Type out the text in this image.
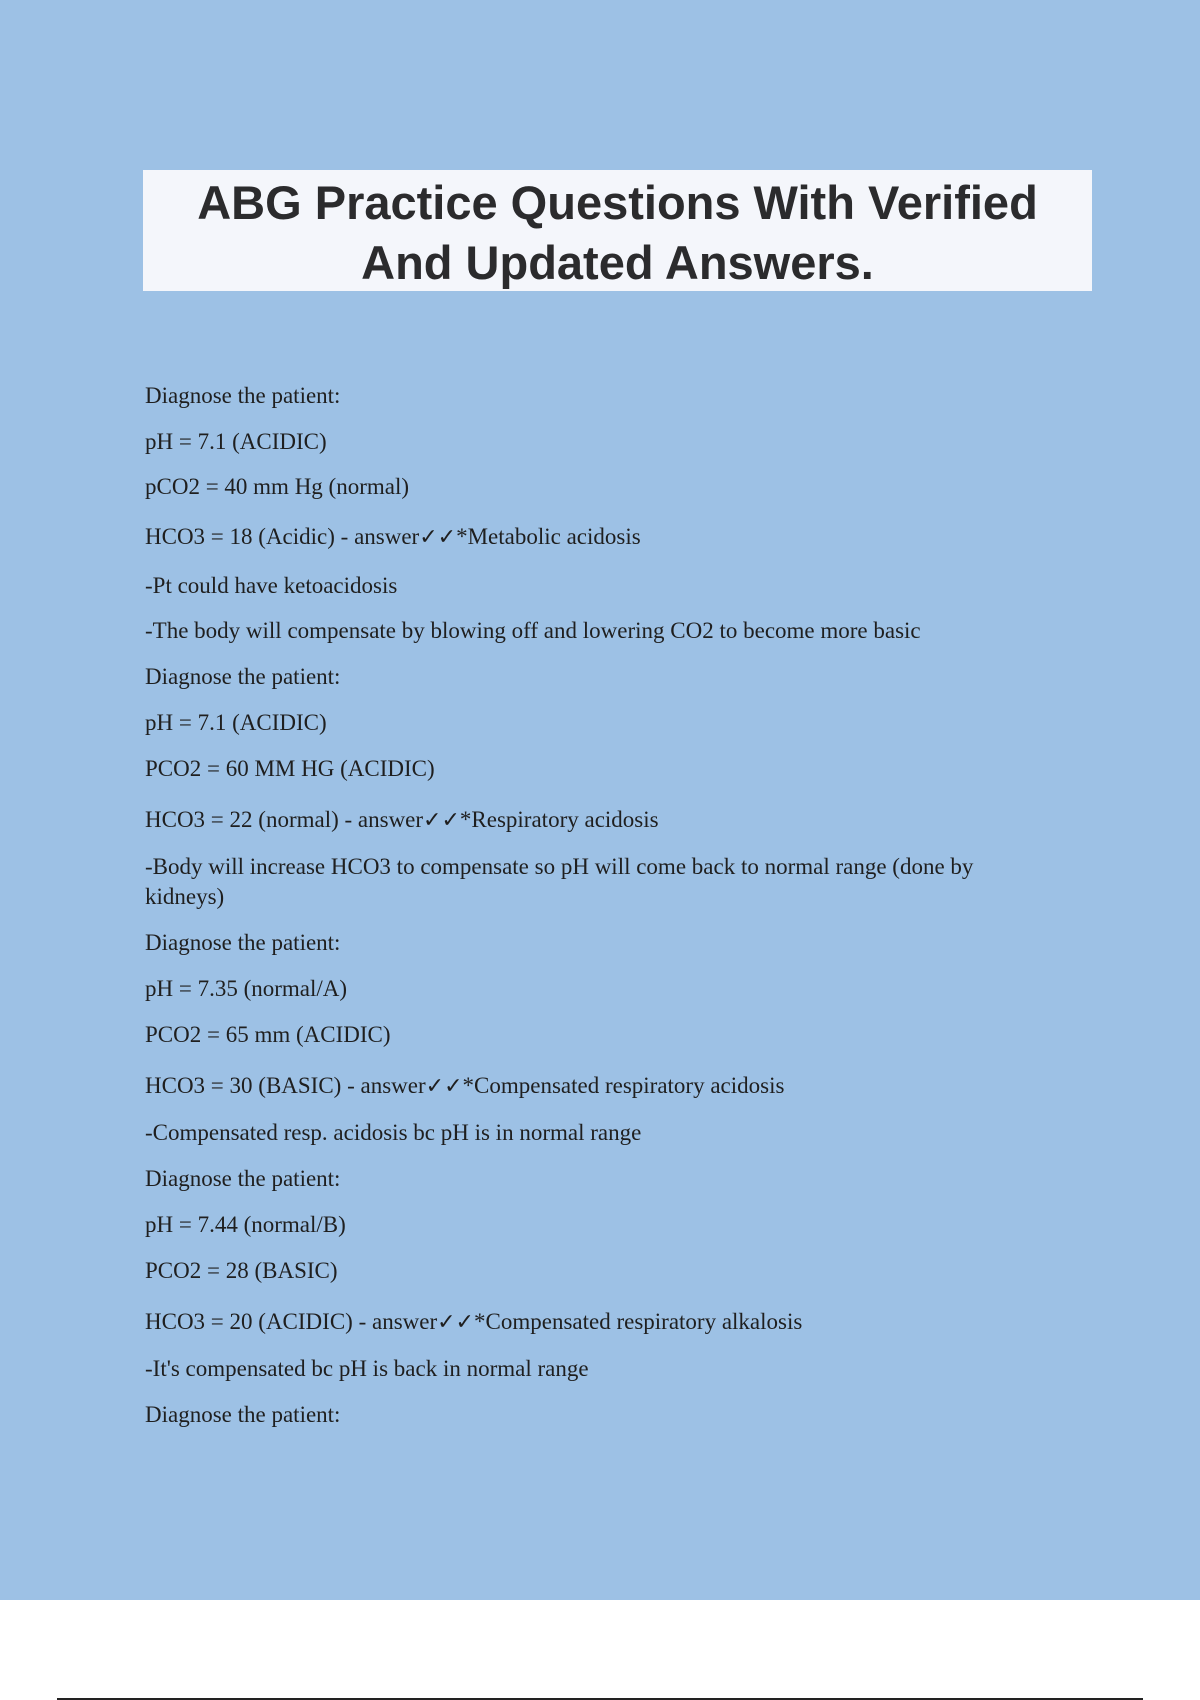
ABG Practice Questions With Verified
And Updated Answers.
Diagnose the patient:
pH = 7.1 (ACIDIC)
pCO2 = 40 mm Hg (normal)
HCO3 = 18 (Acidic) - answer✓✓*Metabolic acidosis
-Pt could have ketoacidosis
-The body will compensate by blowing off and lowering CO2 to become more basic
Diagnose the patient:
pH = 7.1 (ACIDIC)
PCO2 = 60 MM HG (ACIDIC)
HCO3 = 22 (normal) - answer✓✓*Respiratory acidosis
-Body will increase HCO3 to compensate so pH will come back to normal range (done by kidneys)
Diagnose the patient:
pH = 7.35 (normal/A)
PCO2 = 65 mm (ACIDIC)
HCO3 = 30 (BASIC) - answer✓✓*Compensated respiratory acidosis
-Compensated resp. acidosis bc pH is in normal range
Diagnose the patient:
pH = 7.44 (normal/B)
PCO2 = 28 (BASIC)
HCO3 = 20 (ACIDIC) - answer✓✓*Compensated respiratory alkalosis
-It's compensated bc pH is back in normal range
Diagnose the patient:
